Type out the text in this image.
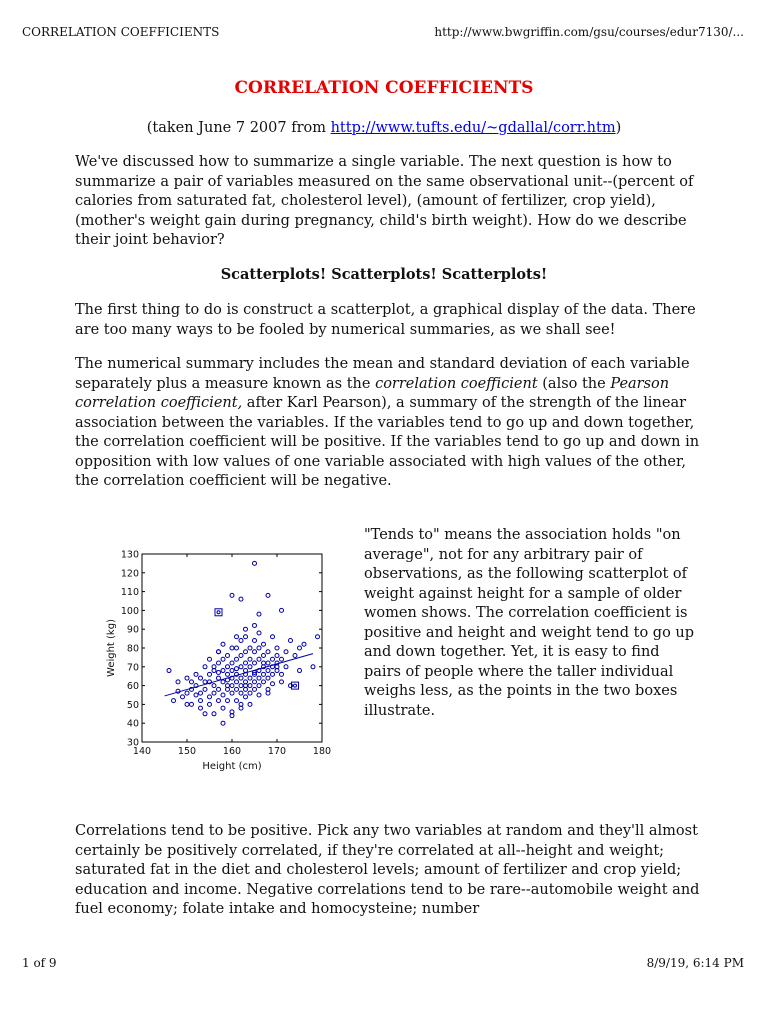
CORRELATION COEFFICIENTS	http://www.bwgriffin.com/gsu/courses/edur7130/...
CORRELATION COEFFICIENTS
(taken June 7 2007 from http://www.tufts.edu/~gdallal/corr.htm)

We've discussed how to summarize a single variable. The next question is how to summarize a pair of variables measured on the same observational unit--(percent of calories from saturated fat, cholesterol level), (amount of fertilizer, crop yield), (mother's weight gain during pregnancy, child's birth weight). How do we describe their joint behavior?

Scatterplots! Scatterplots! Scatterplots!

The first thing to do is construct a scatterplot, a graphical display of the data. There are too many ways to be fooled by numerical summaries, as we shall see!

The numerical summary includes the mean and standard deviation of each variable separately plus a measure known as the correlation coefficient (also the Pearson correlation coefficient, after Karl Pearson), a summary of the strength of the linear association between the variables. If the variables tend to go up and down together, the correlation coefficient will be positive. If the variables tend to go up and down in opposition with low values of one variable associated with high values of the other, the correlation coefficient will be negative.

140	150	160	170	180
30
40
50
60
70
80
90
100
110
120
130
Height (cm)
Weight (kg)

"Tends to" means the association holds "on average", not for any arbitrary pair of observations, as the following scatterplot of weight against height for a sample of older women shows. The correlation coefficient is positive and height and weight tend to go up and down together. Yet, it is easy to find pairs of people where the taller individual weighs less, as the points in the two boxes illustrate.

Correlations tend to be positive. Pick any two variables at random and they'll almost certainly be positively correlated, if they're correlated at all--height and weight; saturated fat in the diet and cholesterol levels; amount of fertilizer and crop yield; education and income. Negative correlations tend to be rare--automobile weight and fuel economy; folate intake and homocysteine; number

1 of 9	8/9/19, 6:14 PM
